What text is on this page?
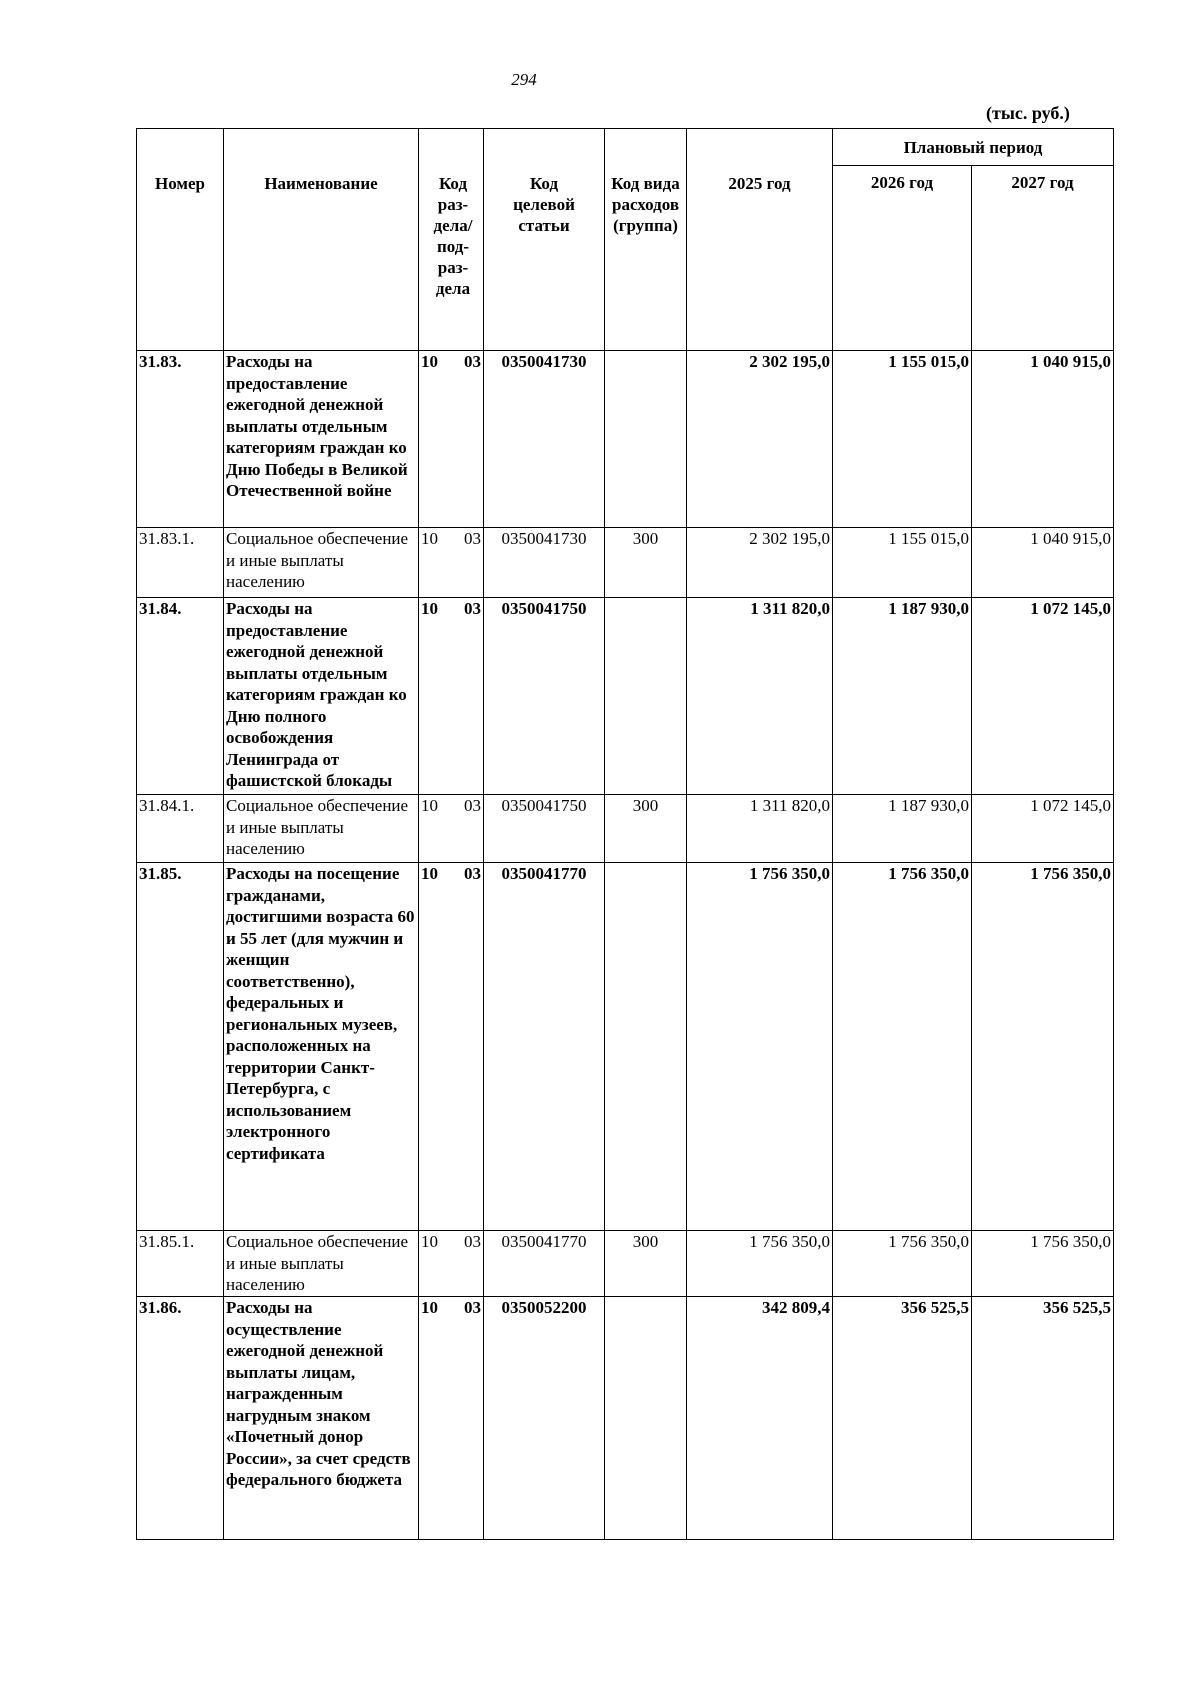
294
(тыс. руб.)
Номер	Наименование	Код раз-дела/ под-раз-дела	Код целевой статьи	Код вида расходов (группа)	2025 год	Плановый период	
						2026 год	2027 год
31.83.	Расходы на предоставление ежегодной денежной выплаты отдельным категориям граждан ко Дню Победы в Великой Отечественной войне	10 03	0350041730		2 302 195,0	1 155 015,0	1 040 915,0
31.83.1.	Социальное обеспечение и иные выплаты населению	10 03	0350041730	300	2 302 195,0	1 155 015,0	1 040 915,0
31.84.	Расходы на предоставление ежегодной денежной выплаты отдельным категориям граждан ко Дню полного освобождения Ленинграда от фашистской блокады	10 03	0350041750		1 311 820,0	1 187 930,0	1 072 145,0
31.84.1.	Социальное обеспечение и иные выплаты населению	10 03	0350041750	300	1 311 820,0	1 187 930,0	1 072 145,0
31.85.	Расходы на посещение гражданами, достигшими возраста 60 и 55 лет (для мужчин и женщин соответственно), федеральных и региональных музеев, расположенных на территории Санкт-Петербурга, с использованием электронного сертификата	10 03	0350041770		1 756 350,0	1 756 350,0	1 756 350,0
31.85.1.	Социальное обеспечение и иные выплаты населению	10 03	0350041770	300	1 756 350,0	1 756 350,0	1 756 350,0
31.86.	Расходы на осуществление ежегодной денежной выплаты лицам, награжденным нагрудным знаком «Почетный донор России», за счет средств федерального бюджета	10 03	0350052200		342 809,4	356 525,5	356 525,5
